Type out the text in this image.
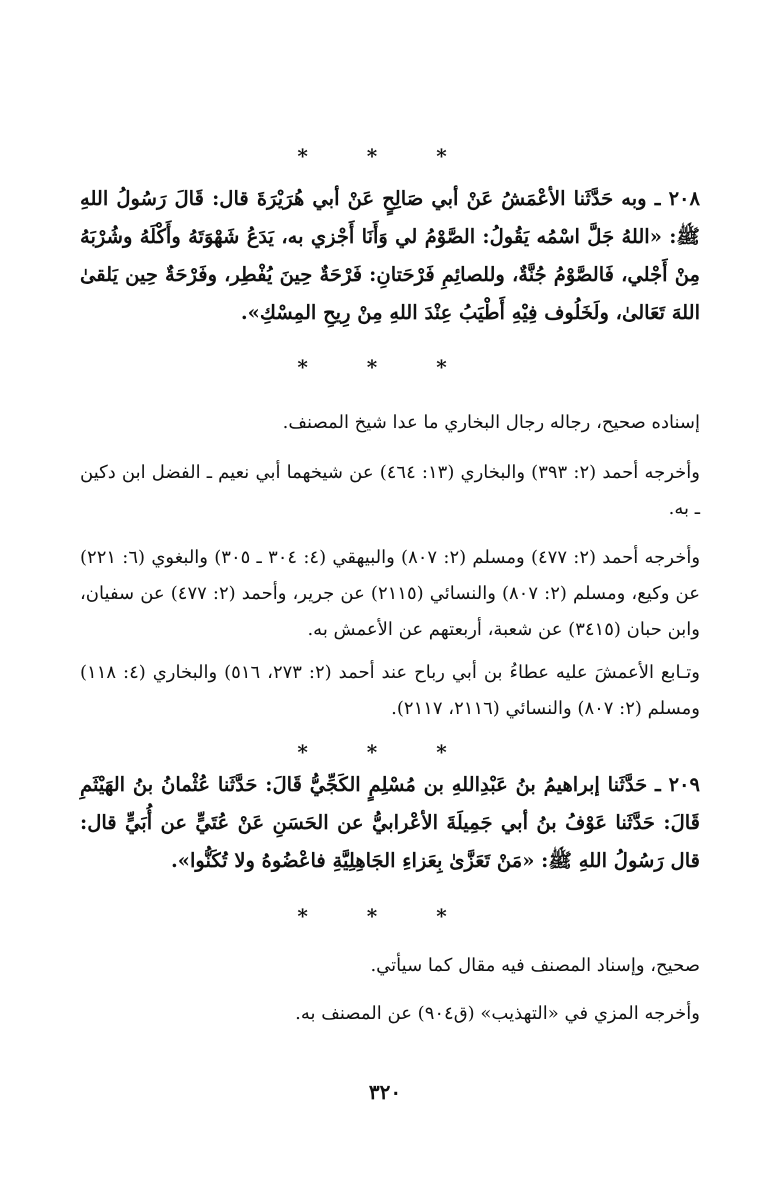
* * *
٢٠٨ ـ وبه حَدَّثَنا الأعْمَشُ عَنْ أبي صَالِحٍ عَنْ أبي هُرَيْرَةَ قال: قَالَ رَسُولُ اللهِ ﷺ: «اللهُ جَلَّ اسْمُه يَقُولُ: الصَّوْمُ لي وَأَنَا أَجْزي به، يَدَعُ شَهْوَتَهُ وأَكْلَهُ وشُرْبَهُ مِنْ أَجْلي، فَالصَّوْمُ جُنَّةٌ، وللصائِمِ فَرْحَتانِ: فَرْحَةٌ حِينَ يُفْطِر، وفَرْحَةٌ حِين يَلقىٰ اللهَ تَعَالىٰ، ولَخَلُوف فِيْهِ أَطْيَبُ عِنْدَ اللهِ مِنْ رِيحِ المِسْكِ».
* * *
إسناده صحيح، رجاله رجال البخاري ما عدا شيخ المصنف.
وأخرجه أحمد (٢: ٣٩٣) والبخاري (١٣: ٤٦٤) عن شيخهما أبي نعيم ـ الفضل ابن دكين ـ به.
وأخرجه أحمد (٢: ٤٧٧) ومسلم (٢: ٨٠٧) والبيهقي (٤: ٣٠٤ ـ ٣٠٥) والبغوي (٦: ٢٢١) عن وكيع، ومسلم (٢: ٨٠٧) والنسائي (٢١١٥) عن جرير، وأحمد (٢: ٤٧٧) عن سفيان، وابن حبان (٣٤١٥) عن شعبة، أربعتهم عن الأعمش به.
وتـابع الأعمشَ عليه عطاءُ بن أبي رباح عند أحمد (٢: ٢٧٣، ٥١٦) والبخاري (٤: ١١٨) ومسلم (٢: ٨٠٧) والنسائي (٢١١٦، ٢١١٧).
* * *
٢٠٩ ـ حَدَّثَنا إبراهيمُ بنُ عَبْدِاللهِ بن مُسْلِمٍ الكَجِّيُّ قَالَ: حَدَّثَنا عُثْمانُ بنُ الهَيْثَمِ قَالَ: حَدَّثَنا عَوْفُ بنُ أبي جَمِيلَةَ الأعْرابيُّ عن الحَسَنِ عَنْ عُتَيٍّ عن أُبَيٍّ قال: قال رَسُولُ اللهِ ﷺ: «مَنْ تَعَزَّىٰ بِعَزاءِ الجَاهِلِيَّةِ فاعْضُوهُ ولا تُكَنُّوا».
* * *
صحيح، وإسناد المصنف فيه مقال كما سيأتي.
وأخرجه المزي في «التهذيب» (ق٩٠٤) عن المصنف به.
٣٢٠
